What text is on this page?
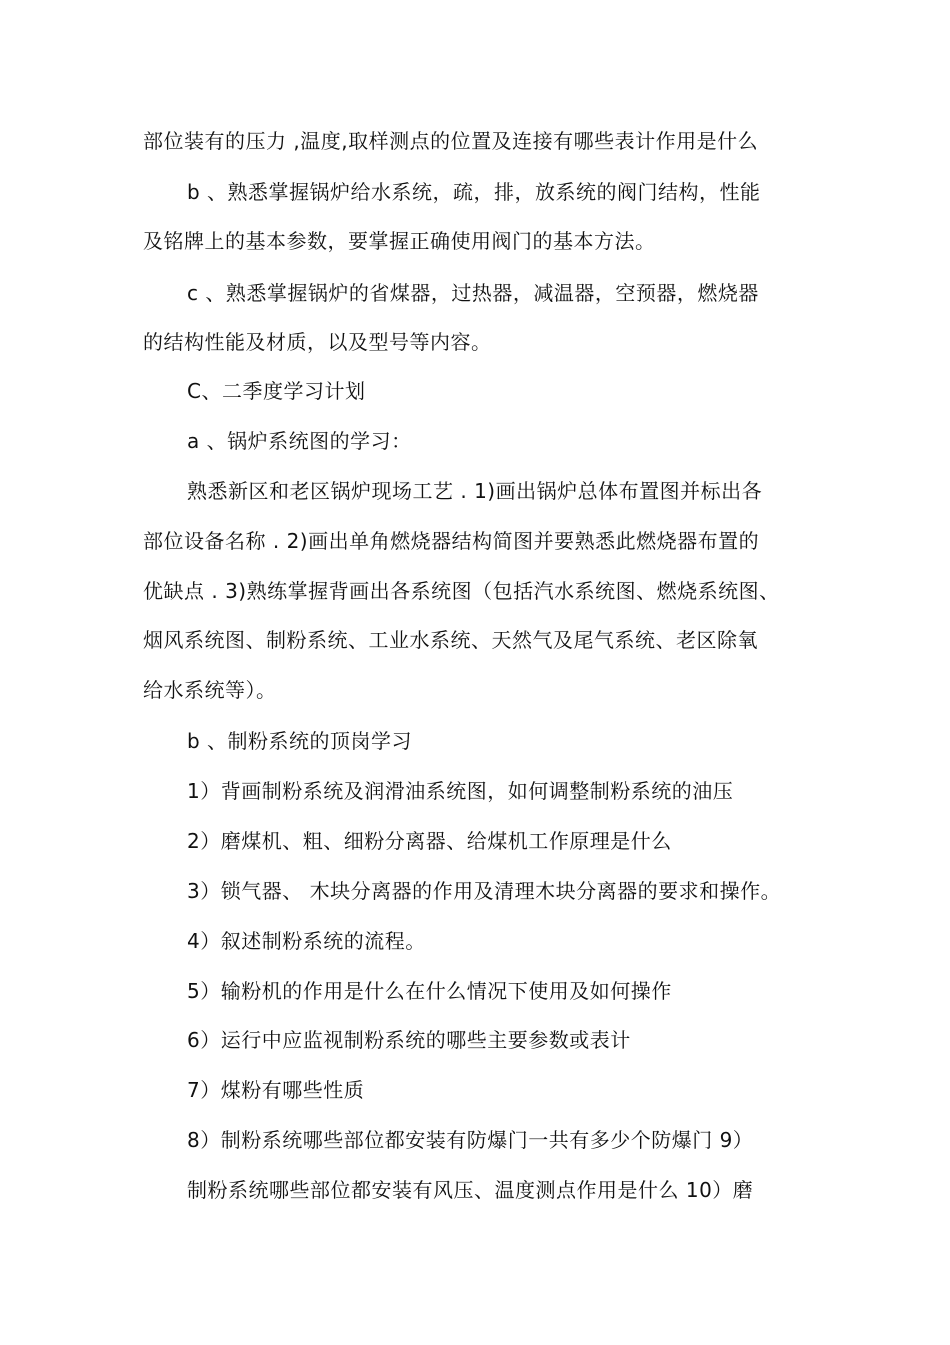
部位装有的压力 ,温度,取样测点的位置及连接有哪些表计作用是什么
b 、熟悉掌握锅炉给水系统，疏，排，放系统的阀门结构，性能
及铭牌上的基本参数，要掌握正确使用阀门的基本方法。
c 、熟悉掌握锅炉的省煤器，过热器，减温器，空预器，燃烧器
的结构性能及材质，以及型号等内容。
C、二季度学习计划
a 、锅炉系统图的学习：
熟悉新区和老区锅炉现场工艺 . 1)画出锅炉总体布置图并标出各
部位设备名称 . 2)画出单角燃烧器结构简图并要熟悉此燃烧器布置的
优缺点 . 3)熟练掌握背画出各系统图（包括汽水系统图、燃烧系统图、
烟风系统图、制粉系统、工业水系统、天然气及尾气系统、老区除氧
给水系统等）。
b 、制粉系统的顶岗学习
1）背画制粉系统及润滑油系统图，如何调整制粉系统的油压
2）磨煤机、粗、细粉分离器、给煤机工作原理是什么
3）锁气器、 木块分离器的作用及清理木块分离器的要求和操作。
4）叙述制粉系统的流程。
5）输粉机的作用是什么在什么情况下使用及如何操作
6）运行中应监视制粉系统的哪些主要参数或表计
7）煤粉有哪些性质
8）制粉系统哪些部位都安装有防爆门一共有多少个防爆门 9）
制粉系统哪些部位都安装有风压、温度测点作用是什么 10）磨
